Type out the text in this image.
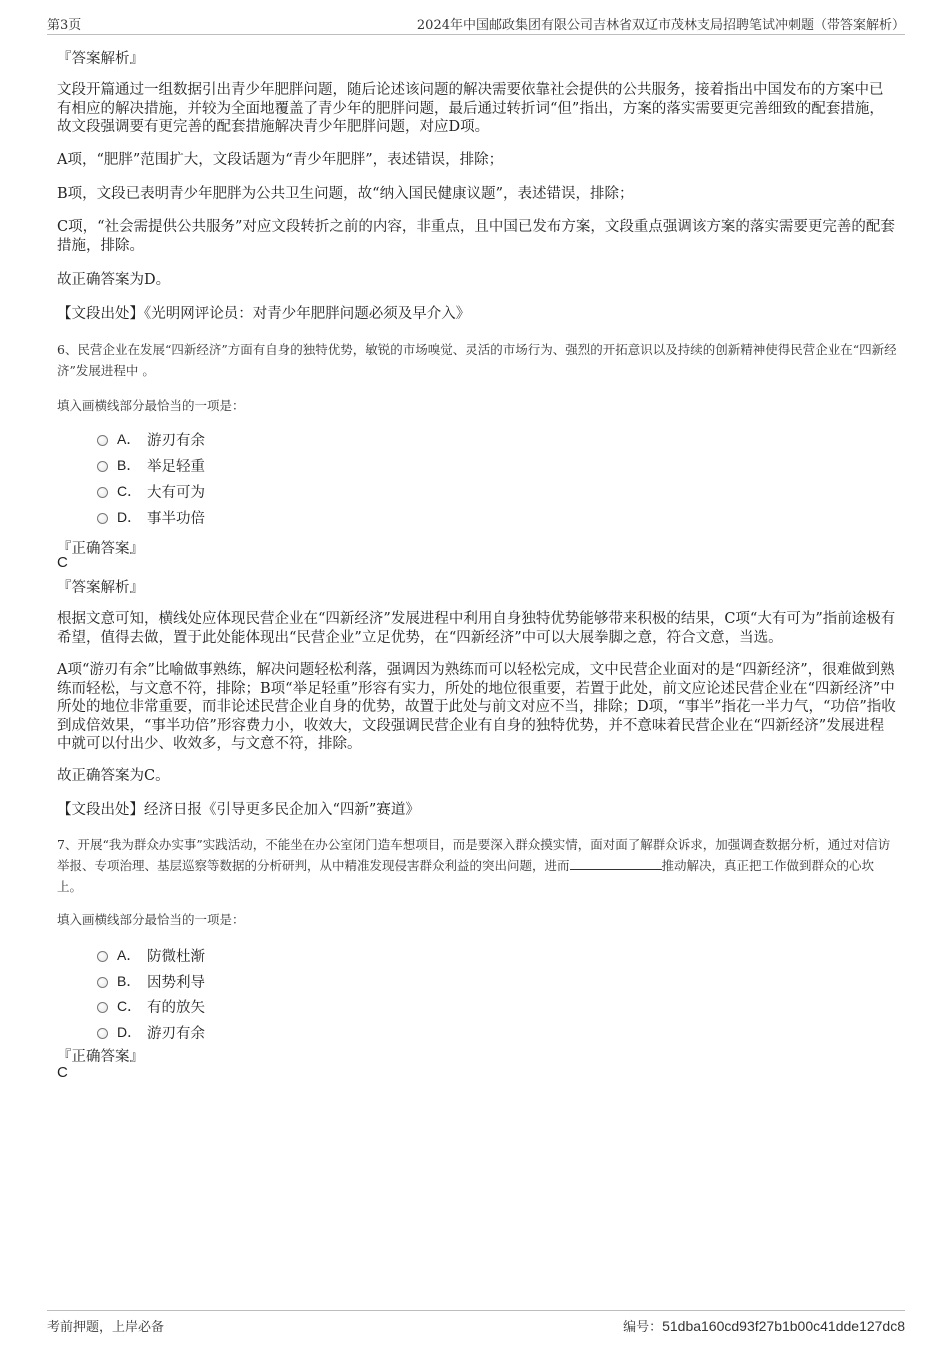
第3页	2024年中国邮政集团有限公司吉林省双辽市茂林支局招聘笔试冲刺题（带答案解析）
『答案解析』
文段开篇通过一组数据引出青少年肥胖问题，随后论述该问题的解决需要依靠社会提供的公共服务，接着指出中国发布的方案中已有相应的解决措施，并较为全面地覆盖了青少年的肥胖问题，最后通过转折词“但”指出，方案的落实需要更完善细致的配套措施，故文段强调要有更完善的配套措施解决青少年肥胖问题，对应D项。
A项，“肥胖”范围扩大，文段话题为“青少年肥胖”，表述错误，排除；
B项，文段已表明青少年肥胖为公共卫生问题，故“纳入国民健康议题”，表述错误，排除；
C项，“社会需提供公共服务”对应文段转折之前的内容，非重点，且中国已发布方案，文段重点强调该方案的落实需要更完善的配套措施，排除。
故正确答案为D。
【文段出处】《光明网评论员：对青少年肥胖问题必须及早介入》
6、民营企业在发展“四新经济”方面有自身的独特优势，敏锐的市场嗅觉、灵活的市场行为、强烈的开拓意识以及持续的创新精神使得民营企业在“四新经济”发展进程中 。
填入画横线部分最恰当的一项是：
A． 游刃有余
B． 举足轻重
C． 大有可为
D． 事半功倍
『正确答案』
C
『答案解析』
根据文意可知，横线处应体现民营企业在“四新经济”发展进程中利用自身独特优势能够带来积极的结果，C项“大有可为”指前途极有希望，值得去做，置于此处能体现出“民营企业”立足优势，在“四新经济”中可以大展拳脚之意，符合文意，当选。
A项“游刃有余”比喻做事熟练，解决问题轻松利落，强调因为熟练而可以轻松完成，文中民营企业面对的是“四新经济”，很难做到熟练而轻松，与文意不符，排除；B项“举足轻重”形容有实力，所处的地位很重要，若置于此处，前文应论述民营企业在“四新经济”中所处的地位非常重要，而非论述民营企业自身的优势，故置于此处与前文对应不当，排除；D项，“事半”指花一半力气，“功倍”指收到成倍效果，“事半功倍”形容费力小，收效大，文段强调民营企业有自身的独特优势，并不意味着民营企业在“四新经济”发展进程中就可以付出少、收效多，与文意不符，排除。
故正确答案为C。
【文段出处】经济日报《引导更多民企加入“四新”赛道》
7、开展“我为群众办实事”实践活动，不能坐在办公室闭门造车想项目，而是要深入群众摸实情，面对面了解群众诉求，加强调查数据分析，通过对信访举报、专项治理、基层巡察等数据的分析研判，从中精准发现侵害群众利益的突出问题，进而	推动解决，真正把工作做到群众的心坎上。
填入画横线部分最恰当的一项是：
A． 防微杜渐
B． 因势利导
C． 有的放矢
D． 游刃有余
『正确答案』
C
考前押题，上岸必备	编号：51dba160cd93f27b1b00c41dde127dc8
